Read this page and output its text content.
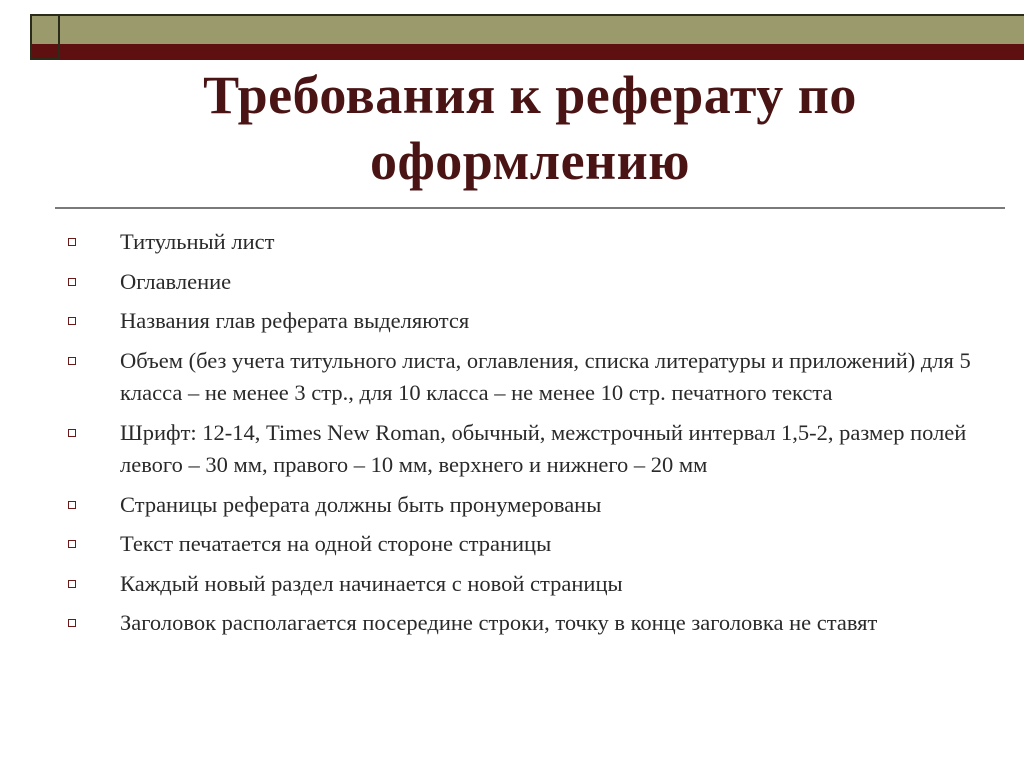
Требования к реферату по оформлению
Титульный лист
Оглавление
Названия глав реферата выделяются
Объем (без учета титульного листа, оглавления, списка литературы и приложений) для 5 класса – не менее 3 стр., для 10 класса – не менее 10 стр. печатного текста
Шрифт: 12-14, Times New Roman, обычный, межстрочный интервал 1,5-2, размер полей левого – 30 мм, правого – 10 мм, верхнего и нижнего – 20 мм
Страницы реферата должны быть пронумерованы
Текст печатается на одной стороне страницы
Каждый новый раздел начинается с новой страницы
Заголовок располагается посередине строки, точку в конце заголовка не ставят
